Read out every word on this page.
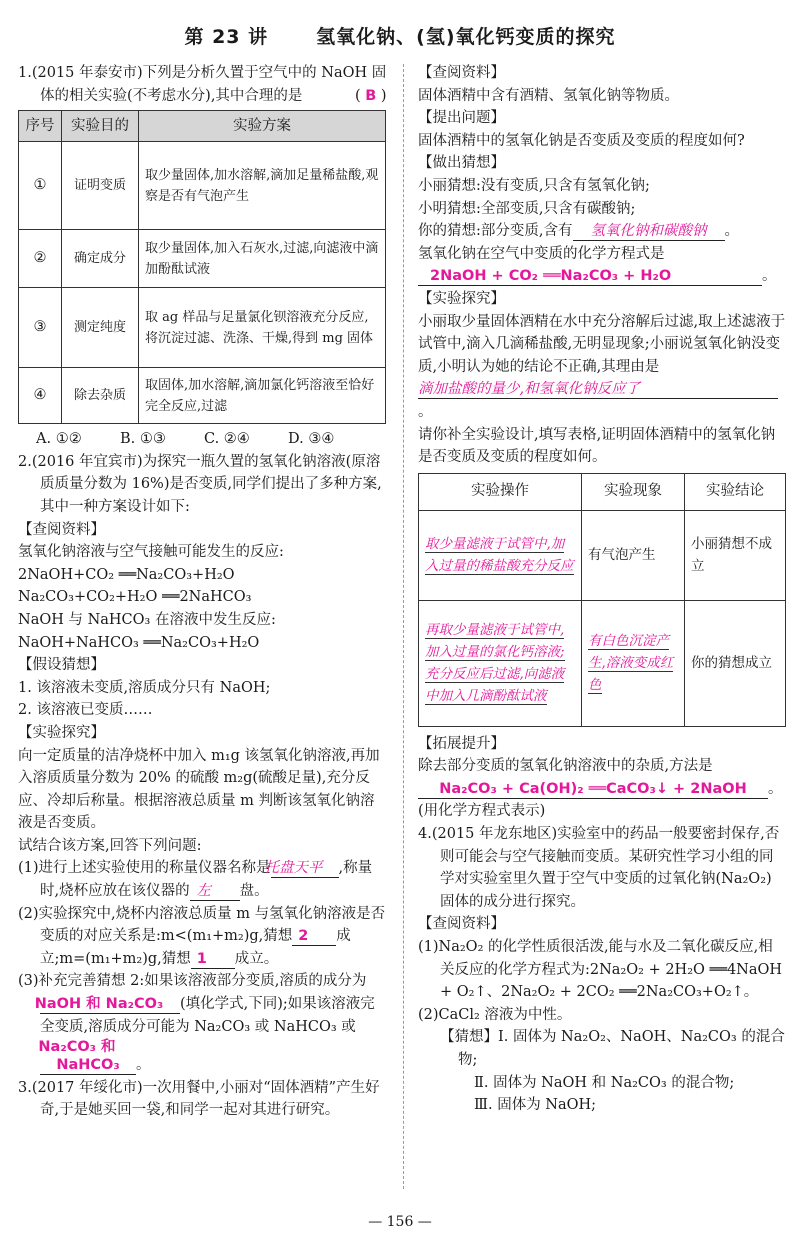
第 23 讲	氢氧化钠、(氢)氧化钙变质的探究

1.(2015 年泰安市)下列是分析久置于空气中的 NaOH 固体的相关实验(不考虑水分),其中合理的是	( B )

序号	实验目的	实验方案
①	证明变质	取少量固体,加水溶解,滴加足量稀盐酸,观察是否有气泡产生
②	确定成分	取少量固体,加入石灰水,过滤,向滤液中滴加酚酞试液
③	测定纯度	取 ag 样品与足量氯化钡溶液充分反应,将沉淀过滤、洗涤、干燥,得到 mg 固体
④	除去杂质	取固体,加水溶解,滴加氯化钙溶液至恰好完全反应,过滤

A. ①②	B. ①③	C. ②④	D. ③④

2.(2016 年宜宾市)为探究一瓶久置的氢氧化钠溶液(原溶质质量分数为 16%)是否变质,同学们提出了多种方案,其中一种方案设计如下:

【查阅资料】

氢氧化钠溶液与空气接触可能发生的反应:

2NaOH+CO₂ ══Na₂CO₃+H₂O

Na₂CO₃+CO₂+H₂O ══2NaHCO₃

NaOH 与 NaHCO₃ 在溶液中发生反应:

NaOH+NaHCO₃ ══Na₂CO₃+H₂O

【假设猜想】

1. 该溶液未变质,溶质成分只有 NaOH;

2. 该溶液已变质……

【实验探究】

向一定质量的洁净烧杯中加入 m₁g 该氢氧化钠溶液,再加入溶质质量分数为 20% 的硫酸 m₂g(硫酸足量),充分反应、冷却后称量。根据溶液总质量 m 判断该氢氧化钠溶液是否变质。

试结合该方案,回答下列问题:

(1)进行上述实验使用的称量仪器名称是托盘天平 ,称量时,烧杯应放在该仪器的 左 盘。

(2)实验探究中,烧杯内溶液总质量 m 与氢氧化钠溶液是否变质的对应关系是:m<(m₁+m₂)g,猜想 2 成立;m=(m₁+m₂)g,猜想 1 成立。

(3)补充完善猜想 2:如果该溶液部分变质,溶质的成分为NaOH 和 Na₂CO₃ (填化学式,下同);如果该溶液完全变质,溶质成分可能为 Na₂CO₃ 或 NaHCO₃ 或Na₂CO₃ 和 NaHCO₃ 。

3.(2017 年绥化市)一次用餐中,小丽对“固体酒精”产生好奇,于是她买回一袋,和同学一起对其进行研究。

【查阅资料】

固体酒精中含有酒精、氢氧化钠等物质。

【提出问题】

固体酒精中的氢氧化钠是否变质及变质的程度如何?

【做出猜想】

小丽猜想:没有变质,只含有氢氧化钠;

小明猜想:全部变质,只含有碳酸钠;

你的猜想:部分变质,含有 氢氧化钠和碳酸钠 。

氢氧化钠在空气中变质的化学方程式是

2NaOH + CO₂ ══Na₂CO₃ + H₂O	。

【实验探究】

小丽取少量固体酒精在水中充分溶解后过滤,取上述滤液于试管中,滴入几滴稀盐酸,无明显现象;小丽说氢氧化钠没变质,小明认为她的结论不正确,其理由是滴加盐酸的量少,和氢氧化钠反应了。

请你补全实验设计,填写表格,证明固体酒精中的氢氧化钠是否变质及变质的程度如何。

实验操作	实验现象	实验结论
取少量滤液于试管中,加入过量的稀盐酸充分反应	有气泡产生	小丽猜想不成立
再取少量滤液于试管中,加入过量的氯化钙溶液;充分反应后过滤,向滤液中加入几滴酚酞试液	有白色沉淀产生,溶液变成红色	你的猜想成立

【拓展提升】

除去部分变质的氢氧化钠溶液中的杂质,方法是

Na₂CO₃ + Ca(OH)₂ ══CaCO₃↓ + 2NaOH 。

(用化学方程式表示)

4.(2015 年龙东地区)实验室中的药品一般要密封保存,否则可能会与空气接触而变质。某研究性学习小组的同学对实验室里久置于空气中变质的过氧化钠(Na₂O₂)固体的成分进行探究。

【查阅资料】

(1)Na₂O₂ 的化学性质很活泼,能与水及二氧化碳反应,相关反应的化学方程式为:2Na₂O₂ + 2H₂O ══4NaOH + O₂↑、2Na₂O₂ + 2CO₂ ══2Na₂CO₃+O₂↑。

(2)CaCl₂ 溶液为中性。

【猜想】Ⅰ. 固体为 Na₂O₂、NaOH、Na₂CO₃ 的混合物;

Ⅱ. 固体为 NaOH 和 Na₂CO₃ 的混合物;

Ⅲ. 固体为 NaOH;

— 156 —
